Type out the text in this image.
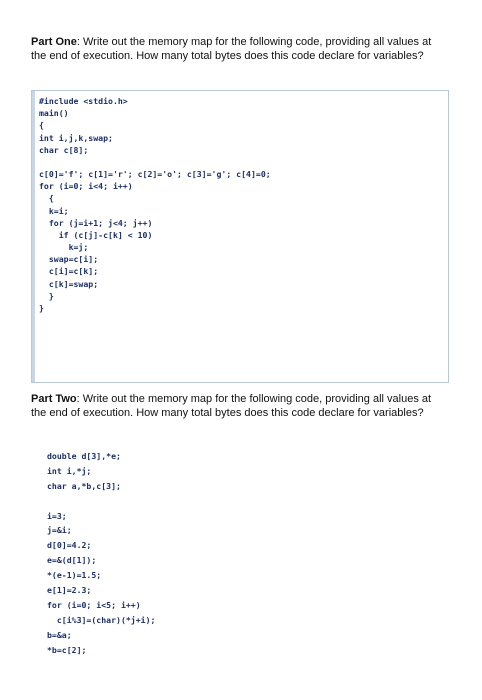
Part One: Write out the memory map for the following code, providing all values at the end of execution. How many total bytes does this code declare for variables?

#include <stdio.h>
main()
{
int i,j,k,swap;
char c[8];
c[0]='f'; c[1]='r'; c[2]='o'; c[3]='g'; c[4]=0;
for (i=0; i<4; i++)
{
k=i;
for (j=i+1; j<4; j++)
if (c[j]-c[k] < 10)
k=j;
swap=c[i];
c[i]=c[k];
c[k]=swap;
}
}

Part Two: Write out the memory map for the following code, providing all values at the end of execution. How many total bytes does this code declare for variables?

double d[3],*e;
int i,*j;
char a,*b,c[3];
i=3;
j=&i;
d[0]=4.2;
e=&(d[1]);
*(e-1)=1.5;
e[1]=2.3;
for (i=0; i<5; i++)
c[i%3]=(char)(*j+i);
b=&a;
*b=c[2];
